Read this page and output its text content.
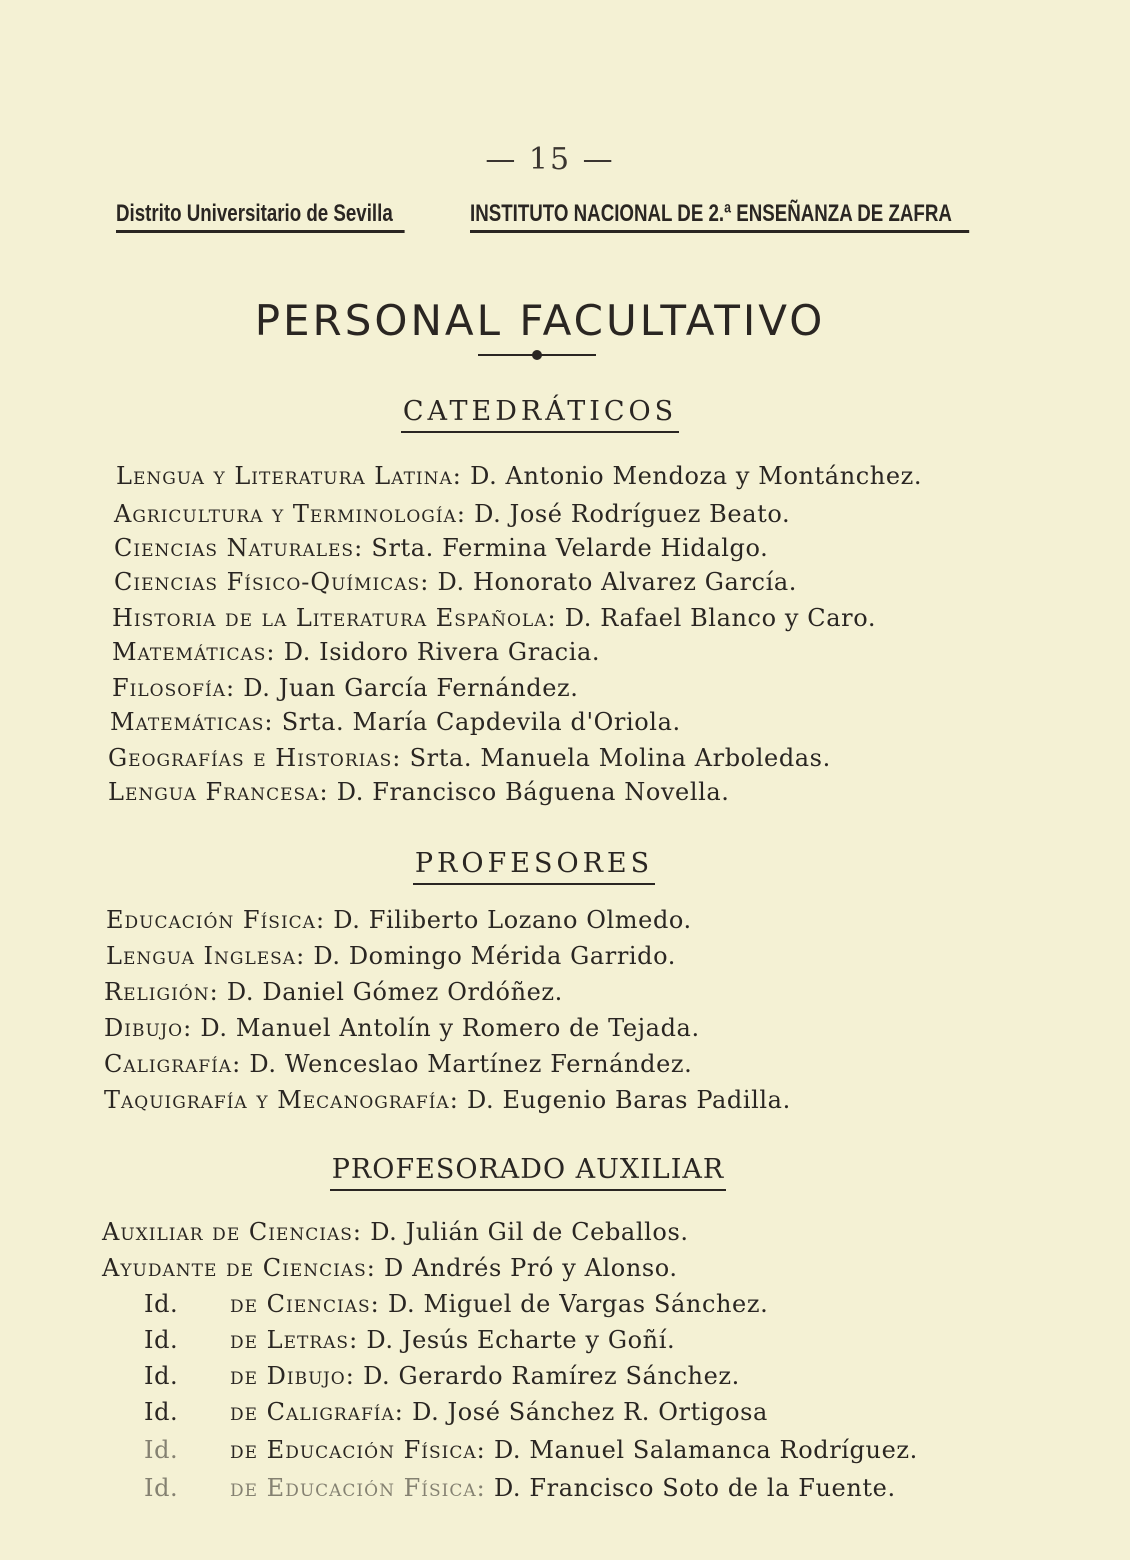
— 15 —
Distrito Universitario de Sevilla	INSTITUTO NACIONAL DE 2.ª ENSEÑANZA DE ZAFRA
PERSONAL FACULTATIVO
CATEDRÁTICOS
Lengua y Literatura Latina: D. Antonio Mendoza y Montánchez.
Agricultura y Terminología: D. José Rodríguez Beato.
Ciencias Naturales: Srta. Fermina Velarde Hidalgo.
Ciencias Físico-Químicas: D. Honorato Alvarez García.
Historia de la Literatura Española: D. Rafael Blanco y Caro.
Matemáticas: D. Isidoro Rivera Gracia.
Filosofía: D. Juan García Fernández.
Matemáticas: Srta. María Capdevila d'Oriola.
Geografías e Historias: Srta. Manuela Molina Arboledas.
Lengua Francesa: D. Francisco Báguena Novella.
PROFESORES
Educación Física: D. Filiberto Lozano Olmedo.
Lengua Inglesa: D. Domingo Mérida Garrido.
Religión: D. Daniel Gómez Ordóñez.
Dibujo: D. Manuel Antolín y Romero de Tejada.
Caligrafía: D. Wenceslao Martínez Fernández.
Taquigrafía y Mecanografía: D. Eugenio Baras Padilla.
PROFESORADO AUXILIAR
Auxiliar de Ciencias: D. Julián Gil de Ceballos.
Ayudante de Ciencias: D Andrés Pró y Alonso.
Id. de Ciencias: D. Miguel de Vargas Sánchez.
Id. de Letras: D. Jesús Echarte y Goñí.
Id. de Dibujo: D. Gerardo Ramírez Sánchez.
Id. de Caligrafía: D. José Sánchez R. Ortigosa
Id. de Educación Física: D. Manuel Salamanca Rodríguez.
Id. de Educación Física: D. Francisco Soto de la Fuente.
